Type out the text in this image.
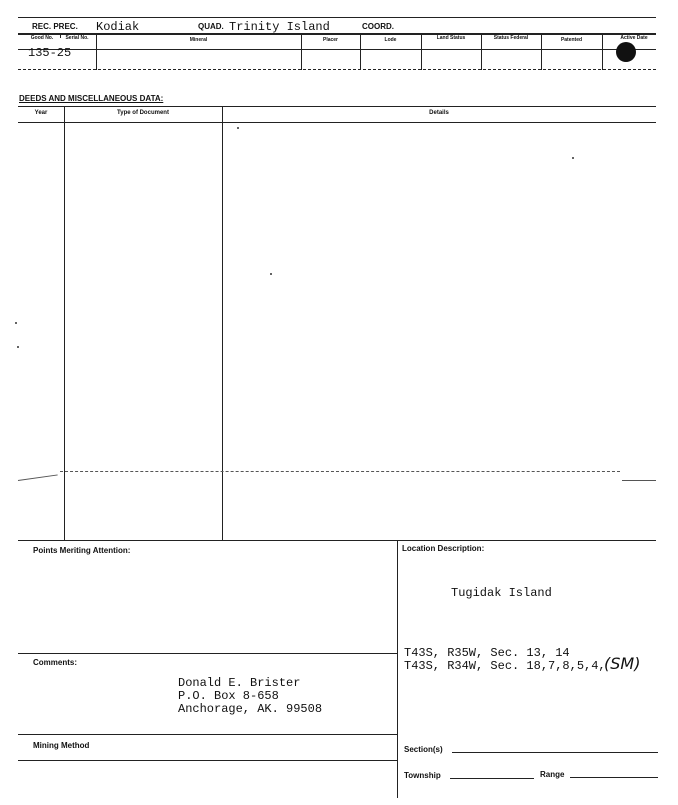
REC. PREC. Kodiak	QUAD. Trinity Island	COORD.
Good No.	Serial No.	Mineral	Placer	Lode	Land Status	Status Federal	Patented	Active Date
135-25
DEEDS AND MISCELLANEOUS DATA:
Year	Type of Document	Details
Points Meriting Attention:	Location Description:
Tugidak Island
T43S, R35W, Sec. 13, 14
T43S, R34W, Sec. 18,7,8,5,4,
(SM)
Comments:
Donald E. Brister
P.O. Box 8-658
Anchorage, AK. 99508
Mining Method	Section(s)
Township	Range
